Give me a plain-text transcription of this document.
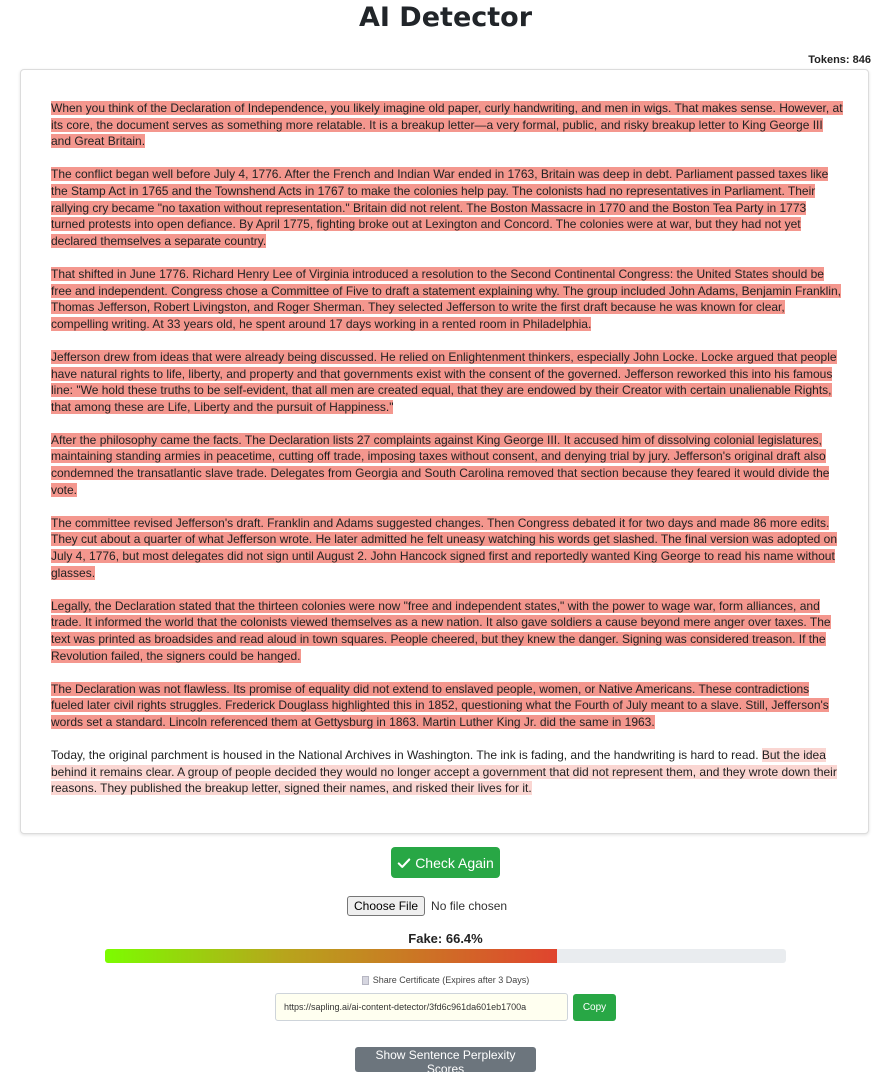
AI Detector
Tokens: 846

When you think of the Declaration of Independence, you likely imagine old paper, curly handwriting, and men in wigs. That makes sense. However, at its core, the document serves as something more relatable. It is a breakup letter—a very formal, public, and risky breakup letter to King George III and Great Britain.

The conflict began well before July 4, 1776. After the French and Indian War ended in 1763, Britain was deep in debt. Parliament passed taxes like the Stamp Act in 1765 and the Townshend Acts in 1767 to make the colonies help pay. The colonists had no representatives in Parliament. Their rallying cry became "no taxation without representation." Britain did not relent. The Boston Massacre in 1770 and the Boston Tea Party in 1773 turned protests into open defiance. By April 1775, fighting broke out at Lexington and Concord. The colonies were at war, but they had not yet declared themselves a separate country.

That shifted in June 1776. Richard Henry Lee of Virginia introduced a resolution to the Second Continental Congress: the United States should be free and independent. Congress chose a Committee of Five to draft a statement explaining why. The group included John Adams, Benjamin Franklin, Thomas Jefferson, Robert Livingston, and Roger Sherman. They selected Jefferson to write the first draft because he was known for clear, compelling writing. At 33 years old, he spent around 17 days working in a rented room in Philadelphia.

Jefferson drew from ideas that were already being discussed. He relied on Enlightenment thinkers, especially John Locke. Locke argued that people have natural rights to life, liberty, and property and that governments exist with the consent of the governed. Jefferson reworked this into his famous line: "We hold these truths to be self-evident, that all men are created equal, that they are endowed by their Creator with certain unalienable Rights, that among these are Life, Liberty and the pursuit of Happiness."

After the philosophy came the facts. The Declaration lists 27 complaints against King George III. It accused him of dissolving colonial legislatures, maintaining standing armies in peacetime, cutting off trade, imposing taxes without consent, and denying trial by jury. Jefferson's original draft also condemned the transatlantic slave trade. Delegates from Georgia and South Carolina removed that section because they feared it would divide the vote.

The committee revised Jefferson's draft. Franklin and Adams suggested changes. Then Congress debated it for two days and made 86 more edits. They cut about a quarter of what Jefferson wrote. He later admitted he felt uneasy watching his words get slashed. The final version was adopted on July 4, 1776, but most delegates did not sign until August 2. John Hancock signed first and reportedly wanted King George to read his name without glasses.

Legally, the Declaration stated that the thirteen colonies were now "free and independent states," with the power to wage war, form alliances, and trade. It informed the world that the colonists viewed themselves as a new nation. It also gave soldiers a cause beyond mere anger over taxes. The text was printed as broadsides and read aloud in town squares. People cheered, but they knew the danger. Signing was considered treason. If the Revolution failed, the signers could be hanged.

The Declaration was not flawless. Its promise of equality did not extend to enslaved people, women, or Native Americans. These contradictions fueled later civil rights struggles. Frederick Douglass highlighted this in 1852, questioning what the Fourth of July meant to a slave. Still, Jefferson's words set a standard. Lincoln referenced them at Gettysburg in 1863. Martin Luther King Jr. did the same in 1963.

Today, the original parchment is housed in the National Archives in Washington. The ink is fading, and the handwriting is hard to read. But the idea behind it remains clear. A group of people decided they would no longer accept a government that did not represent them, and they wrote down their reasons. They published the breakup letter, signed their names, and risked their lives for it.

Check Again
Choose File	No file chosen
Fake: 66.4%
Share Certificate (Expires after 3 Days)
https://sapling.ai/ai-content-detector/3fd6c961da601eb1700a
Copy
Show Sentence Perplexity Scores
